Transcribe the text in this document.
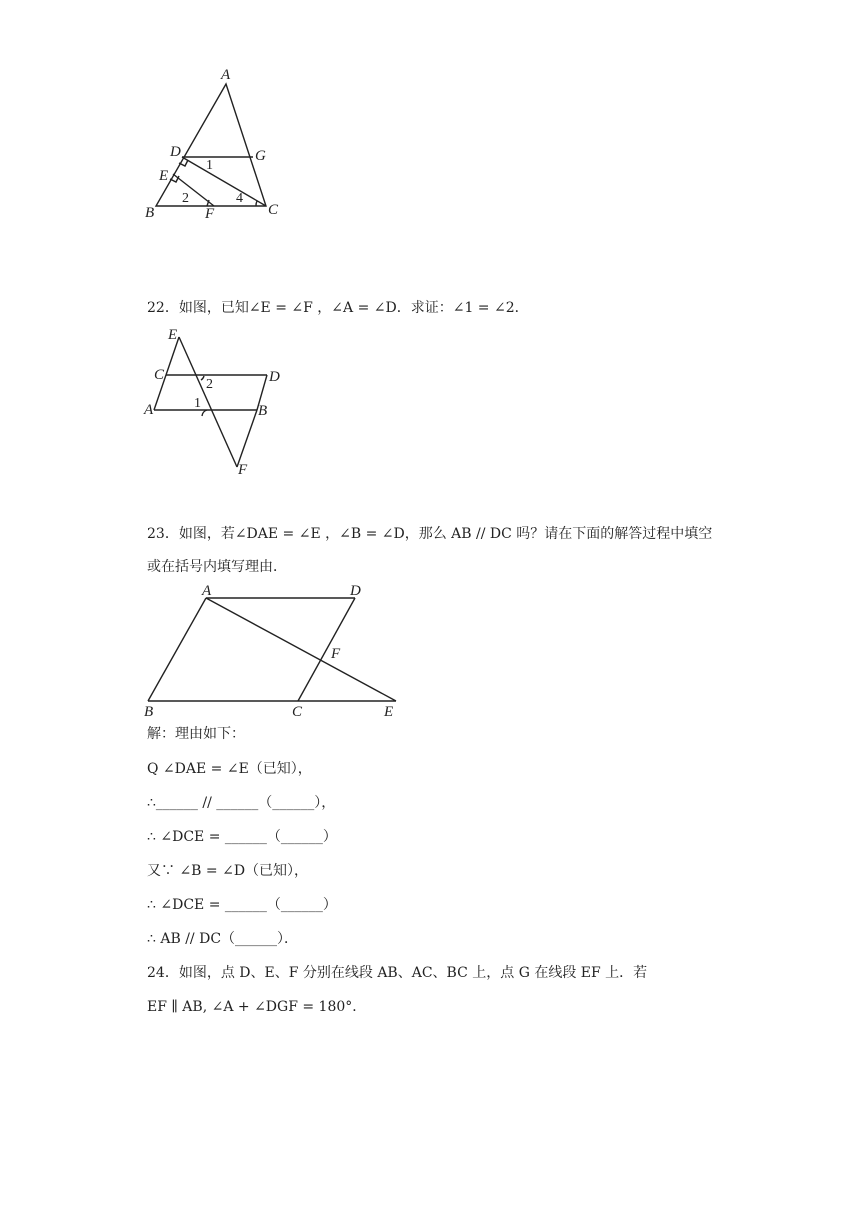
A
D	G
E
B	F	C
1
2	4
22．如图，已知∠E = ∠F ，∠A = ∠D．求证：∠1 = ∠2．
E
C	D
A	B
F
2
1
23．如图，若∠DAE = ∠E ，∠B = ∠D，那么 AB // DC 吗？请在下面的解答过程中填空
或在括号内填写理由．
A	D
F
B	C	E
解：理由如下：
Q ∠DAE = ∠E（已知），
∴______ // ______（______），
∴ ∠DCE = ______（______）
又∵ ∠B = ∠D（已知），
∴ ∠DCE = ______（______）
∴ AB // DC（______）．
24．如图，点 D、E、F 分别在线段 AB、AC、BC 上，点 G 在线段 EF 上．若
EF ∥ AB, ∠A + ∠DGF = 180°．
